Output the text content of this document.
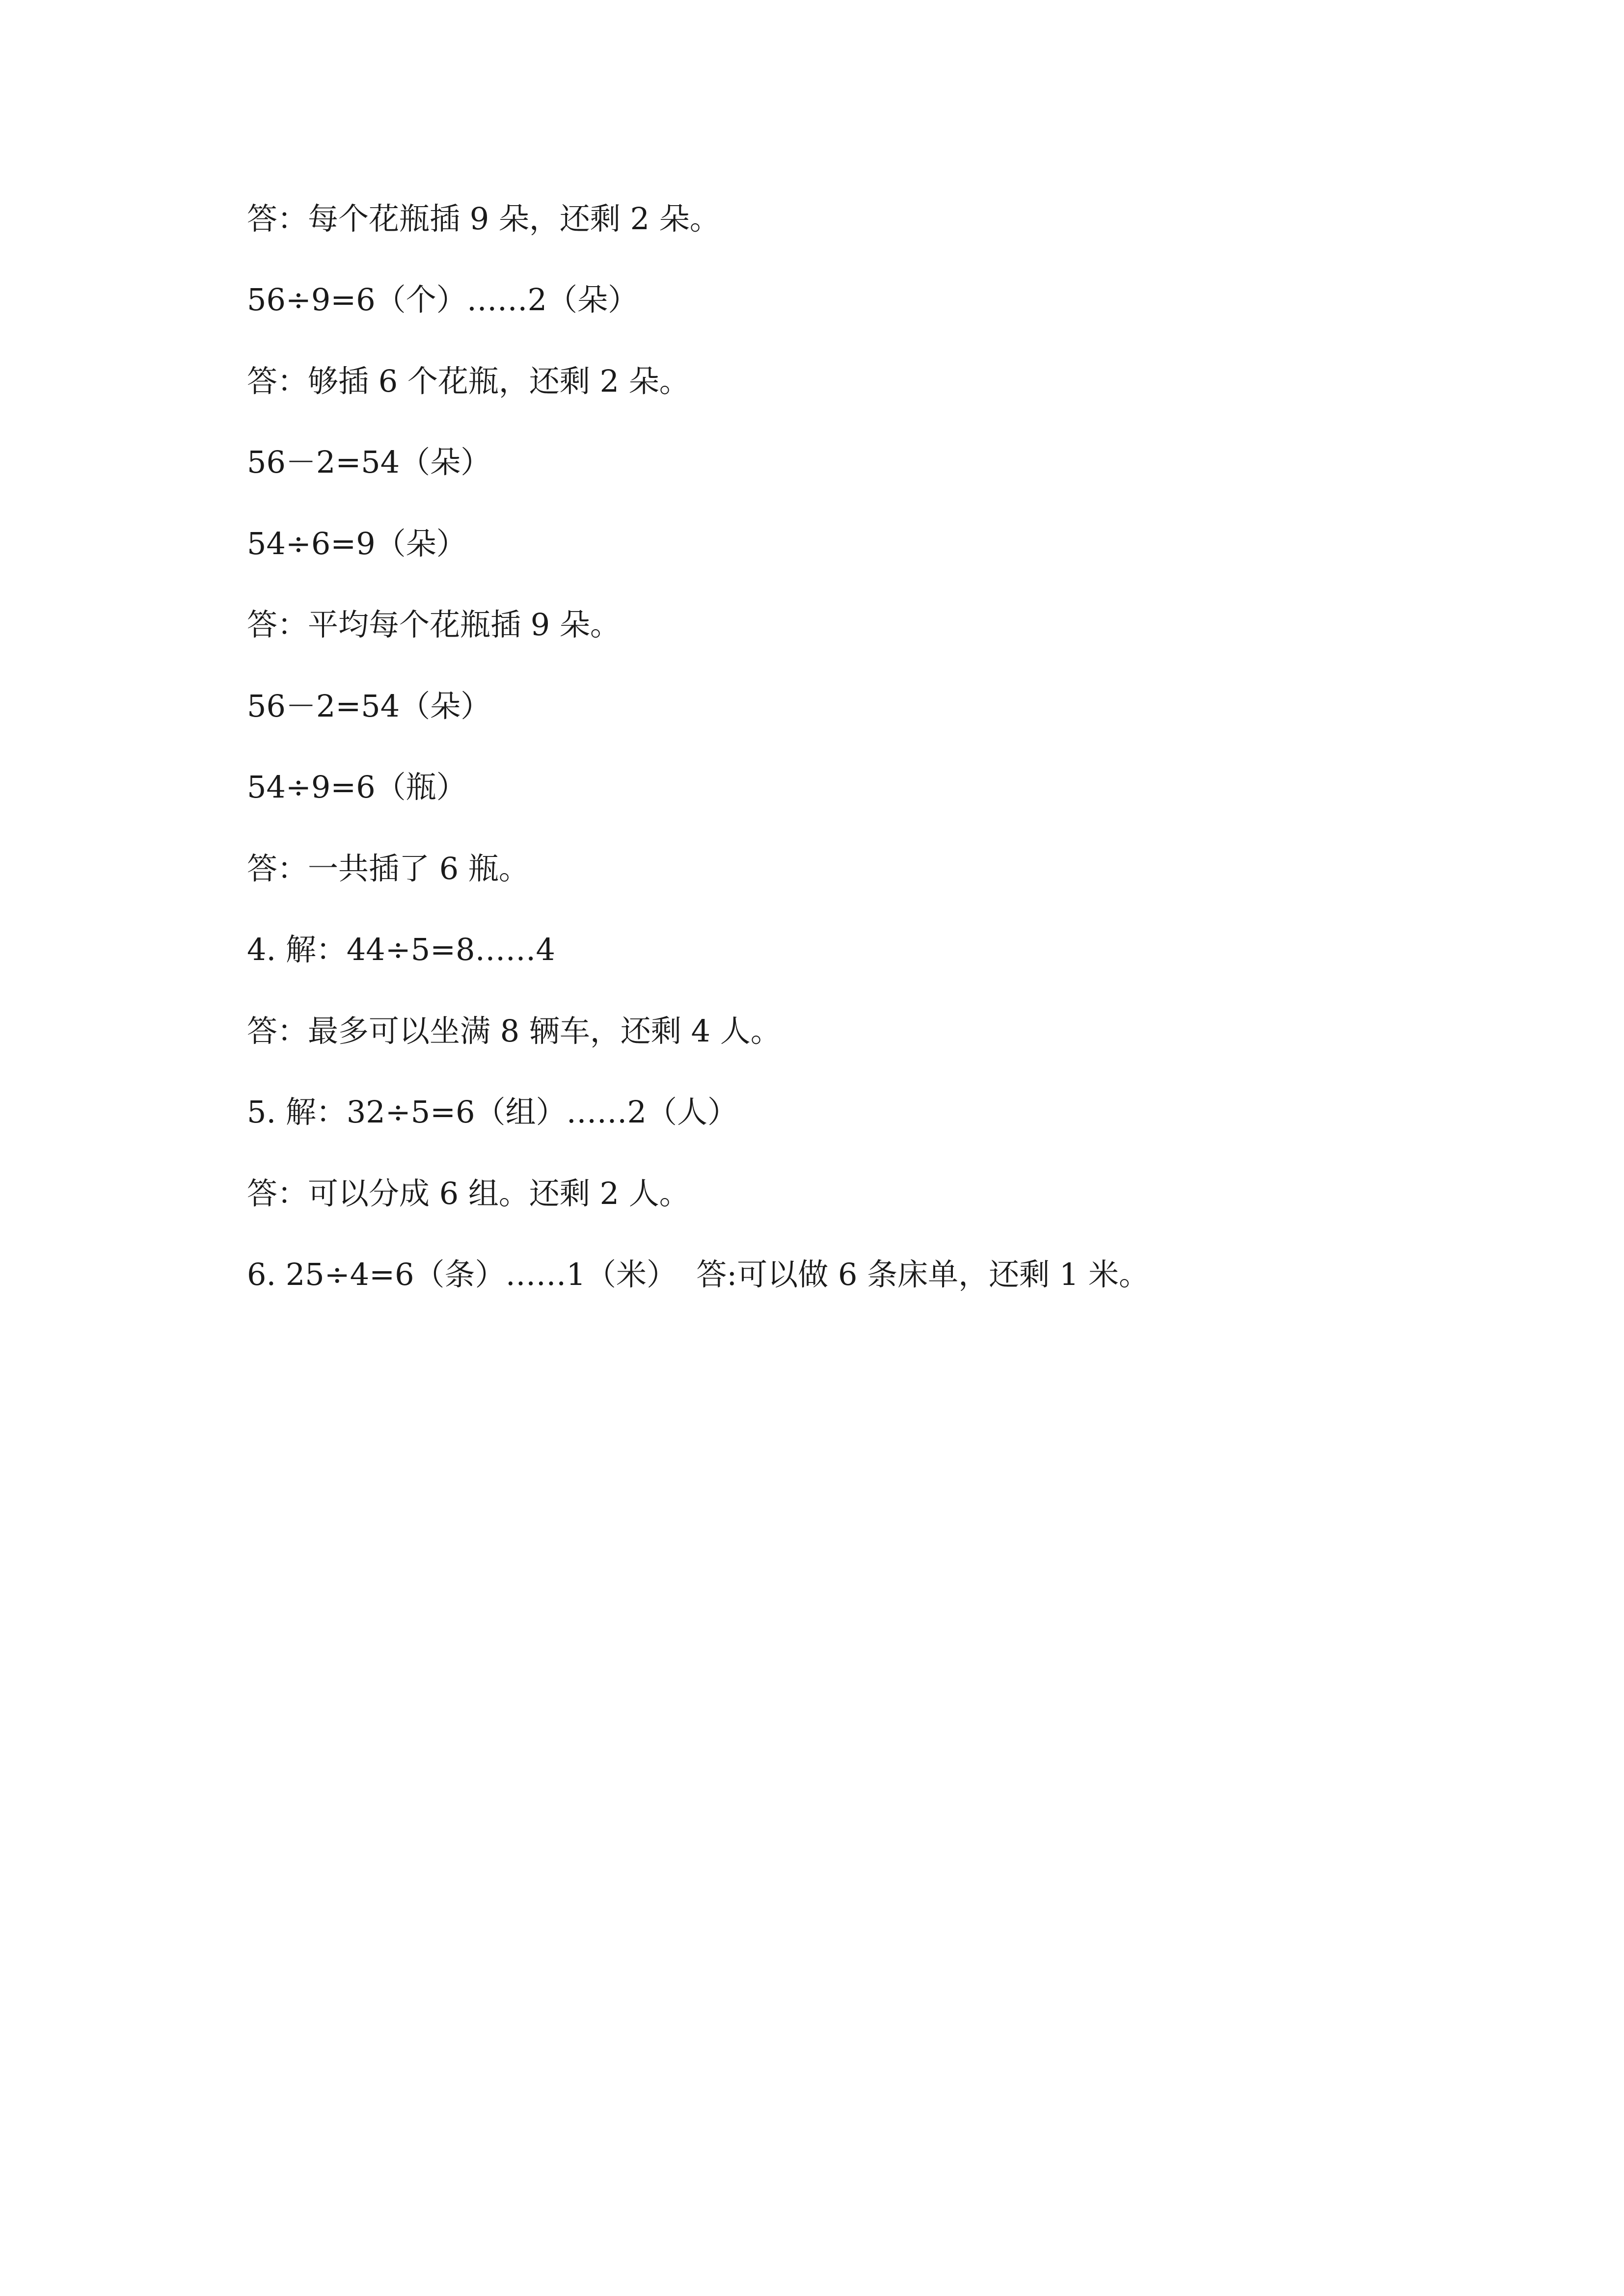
答：每个花瓶插 9 朵，还剩 2 朵。

56÷9=6（个）……2（朵）

答：够插 6 个花瓶，还剩 2 朵。

56－2=54（朵）

54÷6=9（朵）

答：平均每个花瓶插 9 朵。

56－2=54（朵）

54÷9=6（瓶）

答：一共插了 6 瓶。

4. 解：44÷5=8……4

答：最多可以坐满 8 辆车，还剩 4 人。

5. 解：32÷5=6（组）……2（人）

答：可以分成 6 组。还剩 2 人。

6. 25÷4=6（条）……1（米）  答:可以做 6 条床单，还剩 1 米。
